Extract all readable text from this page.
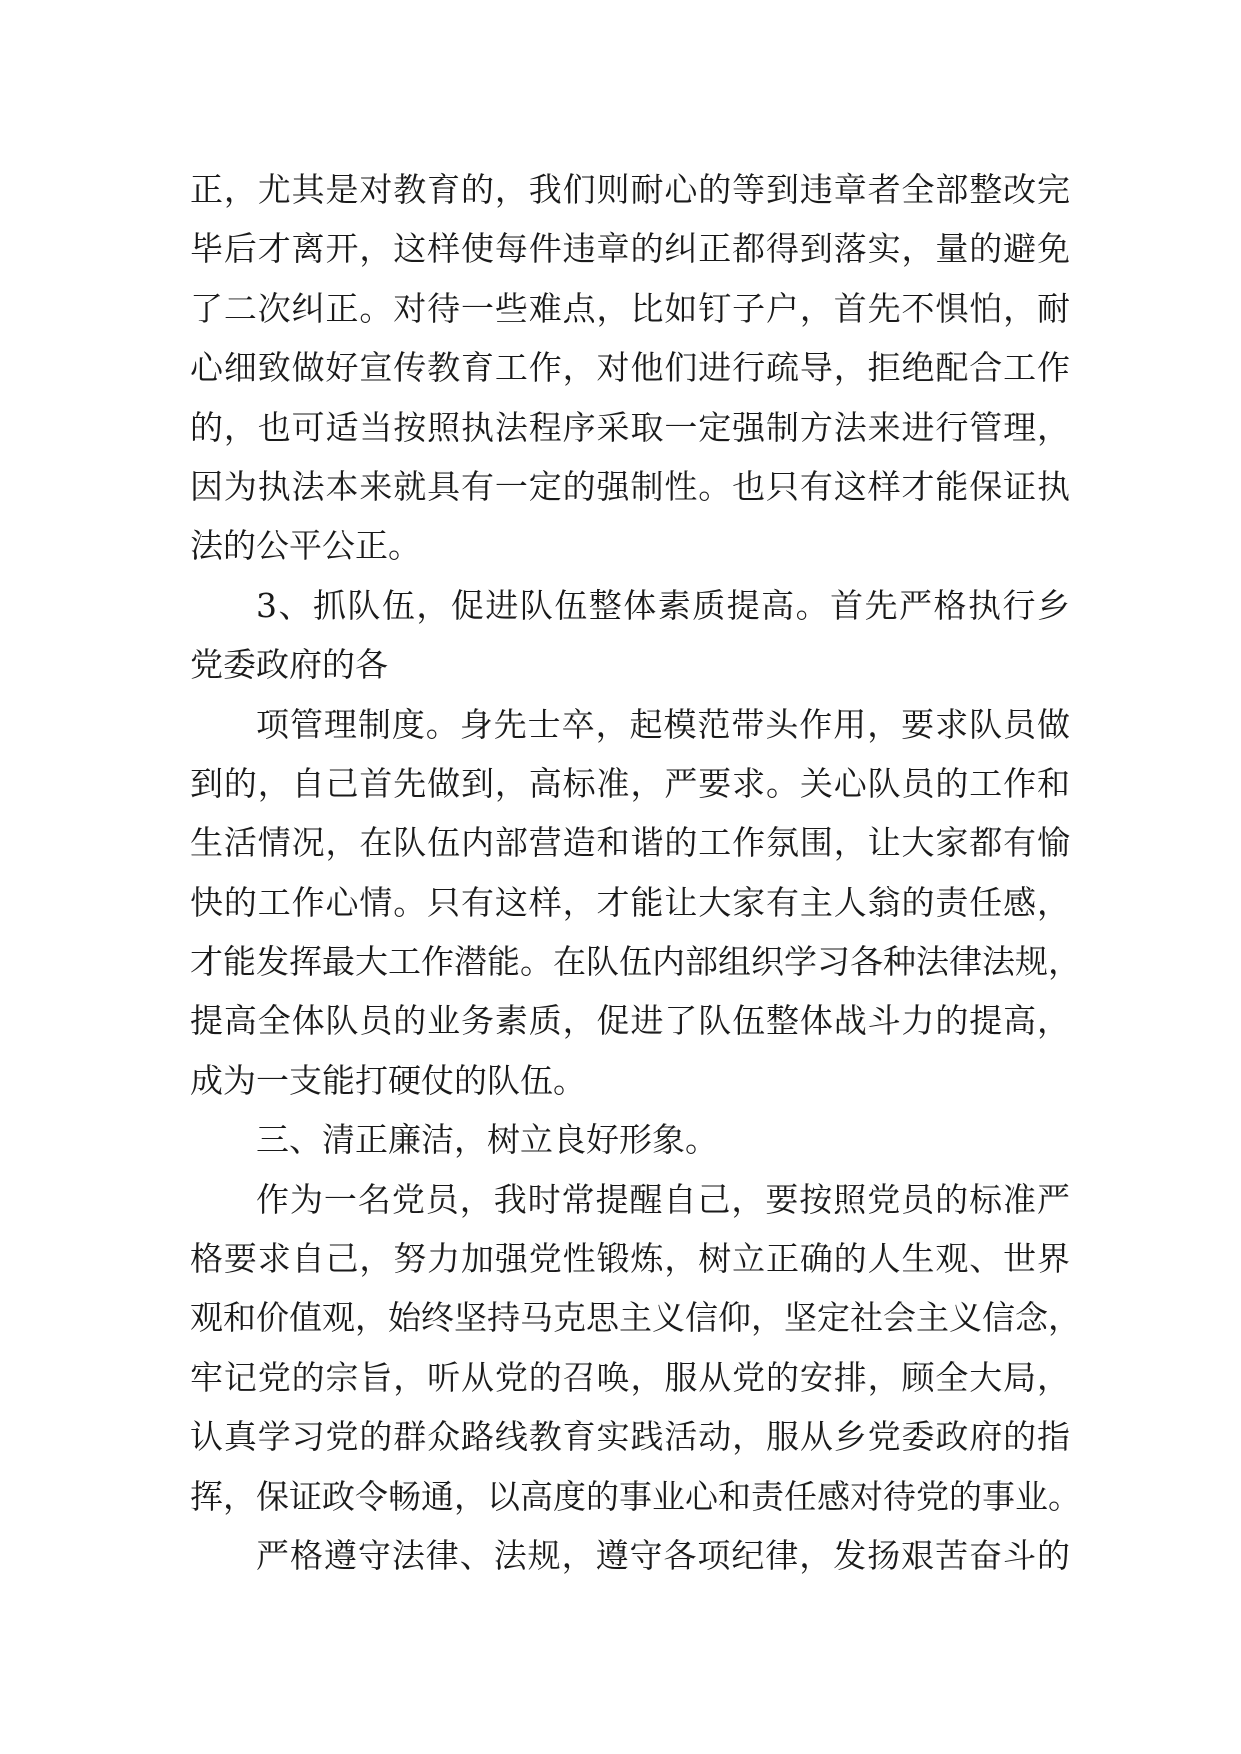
正，尤其是对教育的，我们则耐心的等到违章者全部整改完
毕后才离开，这样使每件违章的纠正都得到落实，量的避免
了二次纠正。对待一些难点，比如钉子户，首先不惧怕，耐
心细致做好宣传教育工作，对他们进行疏导，拒绝配合工作
的，也可适当按照执法程序采取一定强制方法来进行管理，
因为执法本来就具有一定的强制性。也只有这样才能保证执
法的公平公正。
3、抓队伍，促进队伍整体素质提高。首先严格执行乡
党委政府的各
项管理制度。身先士卒，起模范带头作用，要求队员做
到的，自己首先做到，高标准，严要求。关心队员的工作和
生活情况，在队伍内部营造和谐的工作氛围，让大家都有愉
快的工作心情。只有这样，才能让大家有主人翁的责任感，
才能发挥最大工作潜能。在队伍内部组织学习各种法律法规，
提高全体队员的业务素质，促进了队伍整体战斗力的提高，
成为一支能打硬仗的队伍。
三、清正廉洁，树立良好形象。
作为一名党员，我时常提醒自己，要按照党员的标准严
格要求自己，努力加强党性锻炼，树立正确的人生观、世界
观和价值观，始终坚持马克思主义信仰，坚定社会主义信念，
牢记党的宗旨，听从党的召唤，服从党的安排，顾全大局，
认真学习党的群众路线教育实践活动，服从乡党委政府的指
挥，保证政令畅通，以高度的事业心和责任感对待党的事业。
严格遵守法律、法规，遵守各项纪律，发扬艰苦奋斗的
